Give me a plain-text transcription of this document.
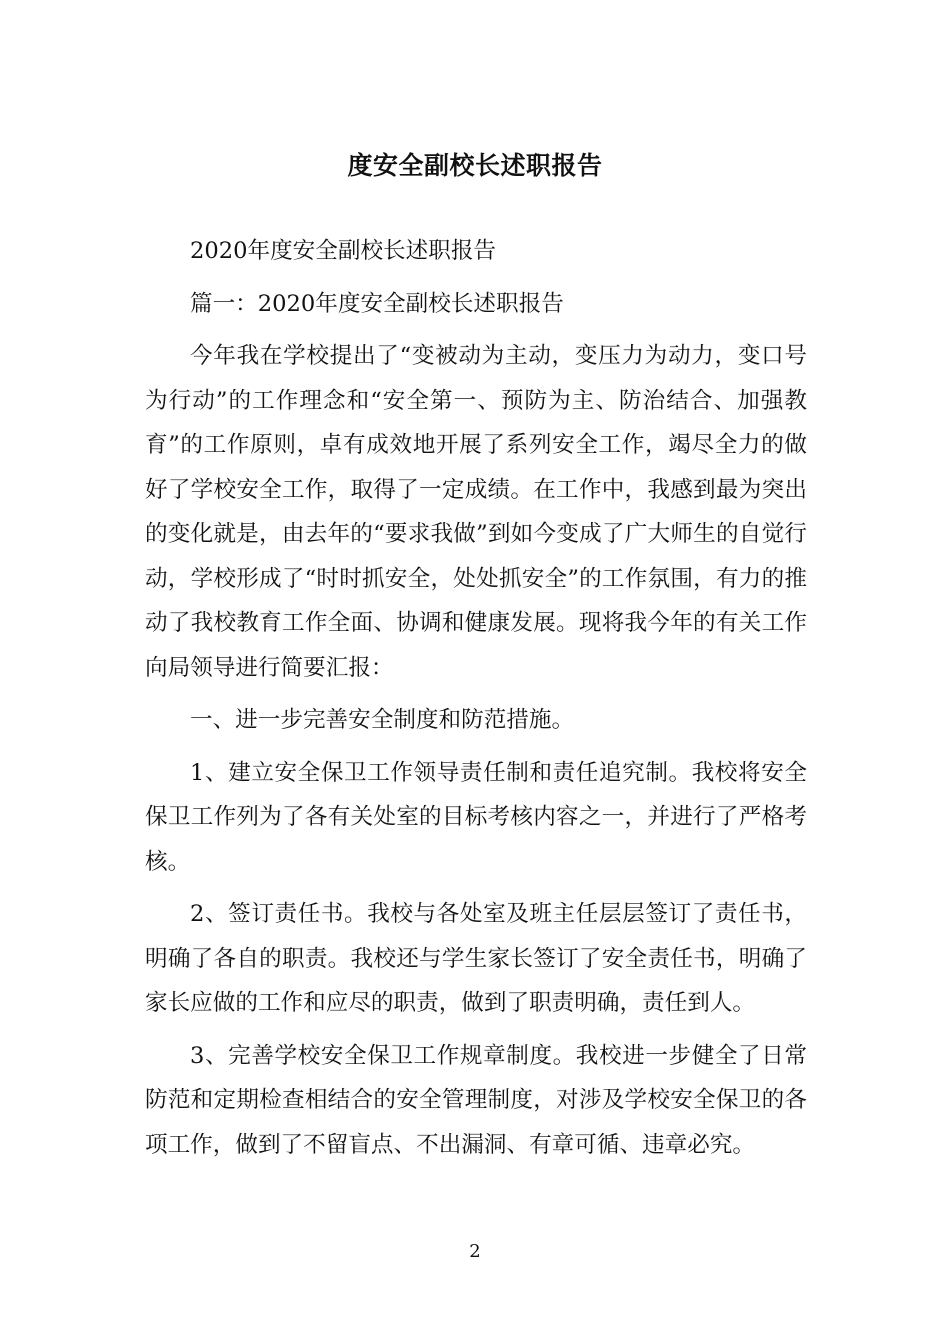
度安全副校长述职报告

2020年度安全副校长述职报告

篇一：2020年度安全副校长述职报告

今年我在学校提出了“变被动为主动，变压力为动力，变口号为行动”的工作理念和“安全第一、预防为主、防治结合、加强教育”的工作原则，卓有成效地开展了系列安全工作，竭尽全力的做好了学校安全工作，取得了一定成绩。在工作中，我感到最为突出的变化就是，由去年的“要求我做”到如今变成了广大师生的自觉行动，学校形成了“时时抓安全，处处抓安全”的工作氛围，有力的推动了我校教育工作全面、协调和健康发展。现将我今年的有关工作向局领导进行简要汇报：

一、进一步完善安全制度和防范措施。

1、建立安全保卫工作领导责任制和责任追究制。我校将安全保卫工作列为了各有关处室的目标考核内容之一，并进行了严格考核。

2、签订责任书。我校与各处室及班主任层层签订了责任书，明确了各自的职责。我校还与学生家长签订了安全责任书，明确了家长应做的工作和应尽的职责，做到了职责明确，责任到人。

3、完善学校安全保卫工作规章制度。我校进一步健全了日常防范和定期检查相结合的安全管理制度，对涉及学校安全保卫的各项工作，做到了不留盲点、不出漏洞、有章可循、违章必究。

2
